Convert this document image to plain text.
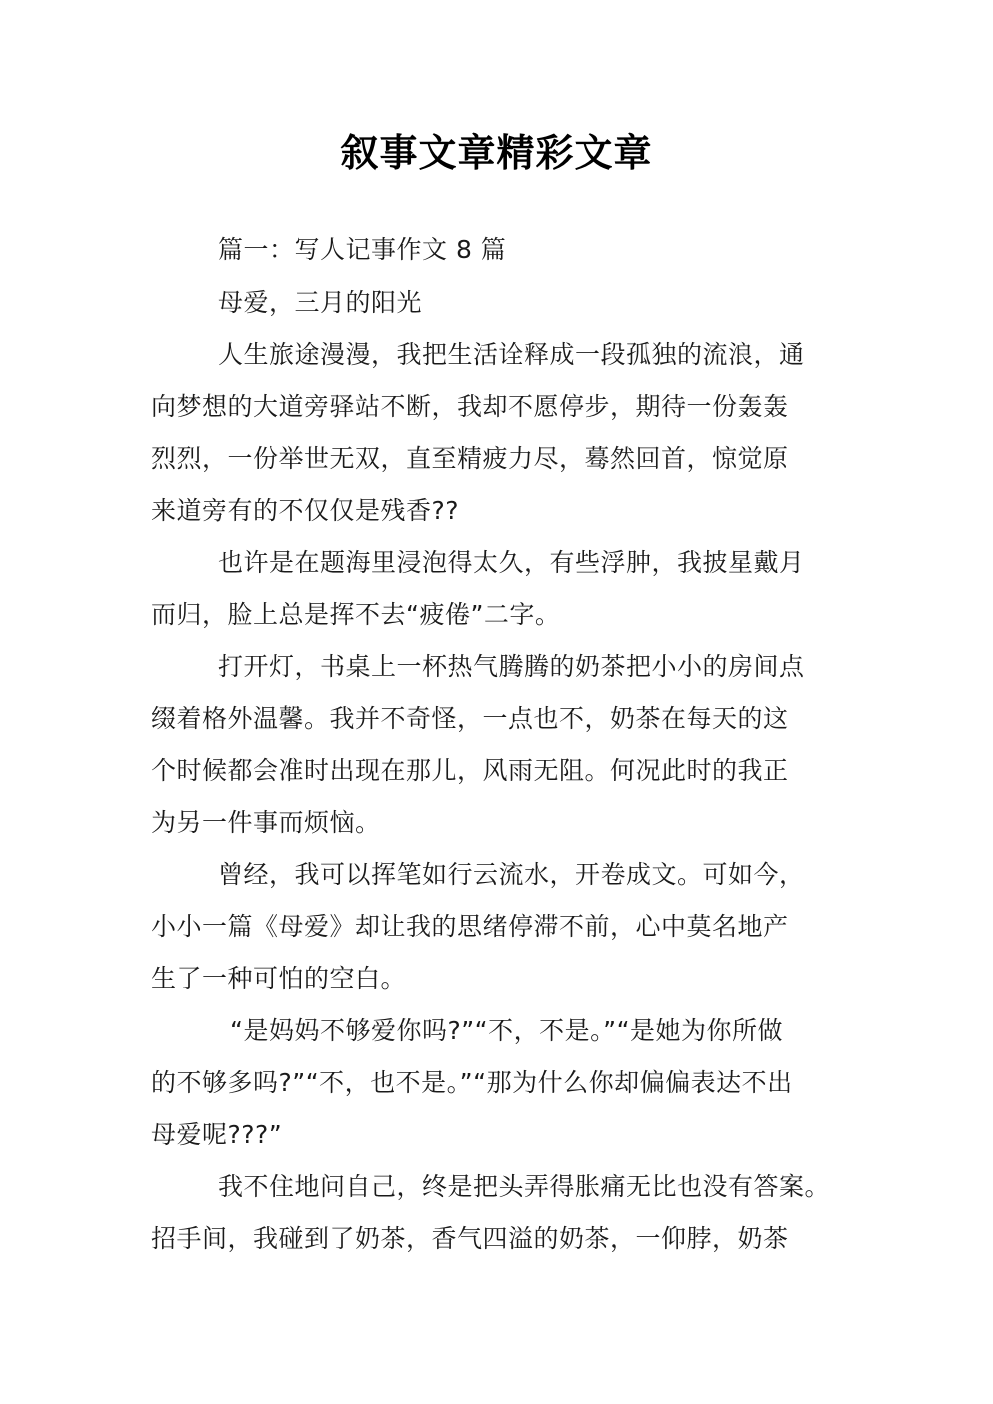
叙事文章精彩文章
篇一：写人记事作文 8 篇
母爱，三月的阳光
人生旅途漫漫，我把生活诠释成一段孤独的流浪，通
向梦想的大道旁驿站不断，我却不愿停步，期待一份轰轰
烈烈，一份举世无双，直至精疲力尽，蓦然回首，惊觉原
来道旁有的不仅仅是残香??
也许是在题海里浸泡得太久，有些浮肿，我披星戴月
而归，脸上总是挥不去“疲倦”二字。
打开灯，书桌上一杯热气腾腾的奶茶把小小的房间点
缀着格外温馨。我并不奇怪，一点也不，奶茶在每天的这
个时候都会准时出现在那儿，风雨无阻。何况此时的我正
为另一件事而烦恼。
曾经，我可以挥笔如行云流水，开卷成文。可如今，
小小一篇《母爱》却让我的思绪停滞不前，心中莫名地产
生了一种可怕的空白。
“是妈妈不够爱你吗?”“不，不是。”“是她为你所做
的不够多吗?”“不，也不是。”“那为什么你却偏偏表达不出
母爱呢???”
我不住地问自己，终是把头弄得胀痛无比也没有答案。
招手间，我碰到了奶茶，香气四溢的奶茶，一仰脖，奶茶
